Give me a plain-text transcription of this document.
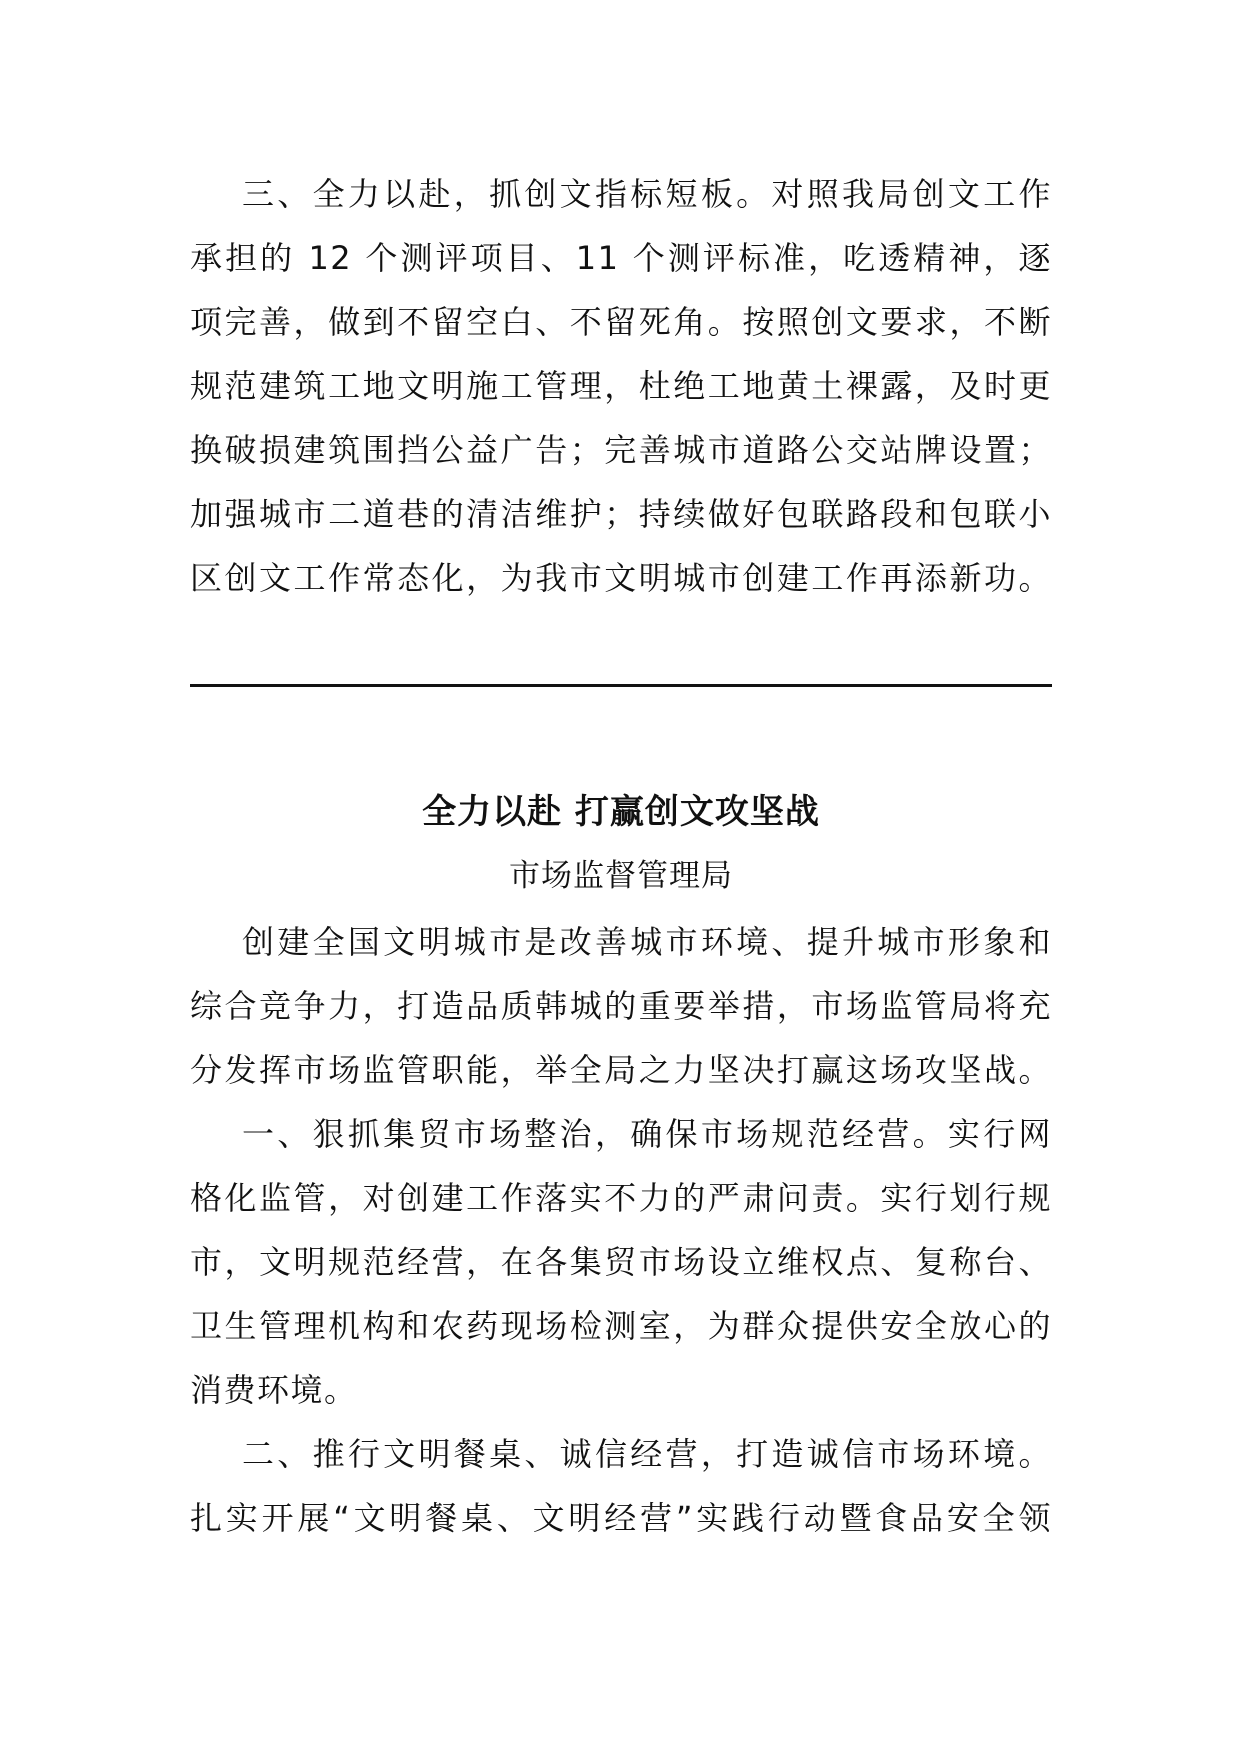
三、全力以赴，抓创文指标短板。对照我局创文工作
承担的 12 个测评项目、11 个测评标准，吃透精神，逐
项完善，做到不留空白、不留死角。按照创文要求，不断
规范建筑工地文明施工管理，杜绝工地黄土裸露，及时更
换破损建筑围挡公益广告；完善城市道路公交站牌设置；
加强城市二道巷的清洁维护；持续做好包联路段和包联小
区创文工作常态化，为我市文明城市创建工作再添新功。
全力以赴 打赢创文攻坚战
市场监督管理局
创建全国文明城市是改善城市环境、提升城市形象和
综合竞争力，打造品质韩城的重要举措，市场监管局将充
分发挥市场监管职能，举全局之力坚决打赢这场攻坚战。
一、狠抓集贸市场整治，确保市场规范经营。实行网
格化监管，对创建工作落实不力的严肃问责。实行划行规
市，文明规范经营，在各集贸市场设立维权点、复称台、
卫生管理机构和农药现场检测室，为群众提供安全放心的
消费环境。
二、推行文明餐桌、诚信经营，打造诚信市场环境。
扎实开展“文明餐桌、文明经营”实践行动暨食品安全领
